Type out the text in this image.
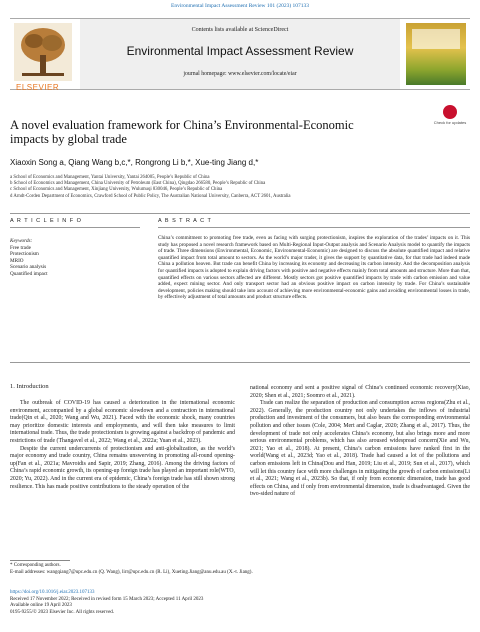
Environmental Impact Assessment Review 101 (2023) 107133
ELSEVIER
Contents lists available at ScienceDirect
Environmental Impact Assessment Review
journal homepage: www.elsevier.com/locate/eiar
A novel evaluation framework for China’s Environmental-Economic impacts by global trade
Check for updates
Xiaoxin Song a, Qiang Wang b,c,*, Rongrong Li b,*, Xue-ting Jiang d,*
a School of Economics and Management, Yantai University, Yantai 264005, People’s Republic of China
b School of Economics and Management, China University of Petroleum (East China), Qingdao 266580, People’s Republic of China
c School of Economics and Management, Xinjiang University, Wulumuqi 830046, People’s Republic of China
d Arndt-Corden Department of Economics, Crawford School of Public Policy, The Australian National University, Canberra, ACT 2601, Australia
A R T I C L E I N F O	A B S T R A C T
Keywords:
Free trade
Protectionism
MRIO
Scenario analysis
Quantified impact
China’s commitment to promoting free trade, even as facing with surging protectionism, inspires the exploration of the trades’ impacts on it. This study has proposed a novel research framework based on Multi-Regional Input-Output analysis and Scenario Analysis model to quantify the impacts of trade. Three dimensions (Environmental, Economic, Environmental-Economic) are designed to discuss the absolute quantified impact and relative quantified impact from total amount to sectors. As the world’s major trader, it gives the support by quantitative data, for that trade had indeed made China a pollution heaven. But trade can benefit China by increasing its economy and decreasing its carbon intensity. And the decomposition analysis for quantified impacts is adopted to explain driving factors with positive and negative effects mainly from total amounts and structure. More than that, quantified effects on various sectors affected are different. Mostly sectors got positive quantified impacts by trade with carbon emission and value added, expect mining sector. And only transport sector had an obvious positive impact on carbon intensity by trade. For China’s sustainable development, policies making should take into account of achieving more environmental-economic gains and avoiding environmental losses in trade, by effectively adjustment of total amounts and product structure effects.
1. Introduction

The outbreak of COVID-19 has caused a deterioration in the international economic environment, accompanied by a global economic slowdown and a contraction in international trade(Qin et al., 2020; Wang and Wu, 2021). Faced with the economic shock, many countries may prioritize domestic interests and employments, and will then take measures to limit international trade. Thus, the trade protectionism is growing against a backdrop of pandemic and restrictions of trade (Thangavel et al., 2022; Wang et al., 2022a; Yuan et al., 2023).

Despite the current undercurrents of protectionism and anti-globalization, as the world’s major economy and trade country, China remains unswerving in promoting all-round opening-up(Fan et al., 2021a; Mavroidis and Sapir, 2019; Zhang, 2016). Among the driving factors of China’s rapid economic growth, its opening-up foreign trade has played an important role(WTO, 2020; Yu, 2022). And in the current era of epidemic, China’s foreign trade has still shown strong resilience. This has made positive contributions to the steady operation of the

national economy and sent a positive signal of China’s continued economic recovery(Xiao, 2020; Shen et al., 2021; Soomro et al., 2021).

Trade can realize the separation of production and consumption across regions(Zhu et al., 2022). Generally, the production country not only undertakes the inflows of industrial production and investment of the consumers, but also bears the corresponding environmental pollution and other issues (Cole, 2004; Mert and Caglar, 2020; Zhang et al., 2017). Thus, the development of trade not only accelerates China’s economy, but also brings more and more serious environmental problems, which has also aroused widespread concern(Xie and Wu, 2021; Yao et al., 2018). At present, China’s carbon emissions have ranked first in the world(Wang et al., 2023d; Yao et al., 2018). Trade had caused a lot of the pollutions and carbon emissions left in China(Dou and Han, 2019; Liu et al., 2019; Sun et al., 2017), which will let this country face with more challenges in mitigating the growth of carbon emissions(Li et al., 2021; Wang et al., 2023b). So that, if only from economic dimension, trade has good effects on China, and if only from environmental dimension, trade is disadvantaged. Given the two-sided nature of

* Corresponding authors.
E-mail addresses: wangqiang7@upc.edu.cn (Q. Wang), lirr@upc.edu.cn (R. Li), Xueting.Jiang@anu.edu.au (X.-t. Jiang).
https://doi.org/10.1016/j.eiar.2023.107133
Received 17 November 2022; Received in revised form 15 March 2023; Accepted 11 April 2023
Available online 19 April 2023
0195-9255/© 2023 Elsevier Inc. All rights reserved.
